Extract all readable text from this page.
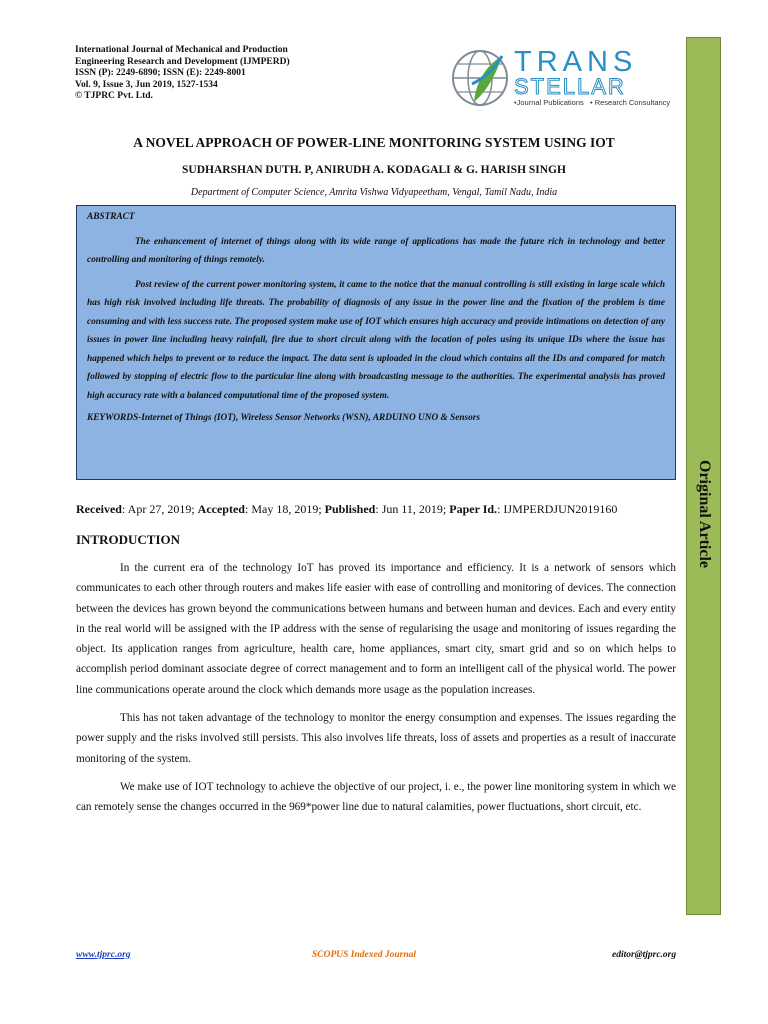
International Journal of Mechanical and Production
Engineering Research and Development (IJMPERD)
ISSN (P): 2249-6890; ISSN (E): 2249-8001
Vol. 9, Issue 3, Jun 2019, 1527-1534
© TJPRC Pvt. Ltd.
TRANS
STELLAR
•Journal Publications   • Research Consultancy
Original Article
A NOVEL APPROACH OF POWER-LINE MONITORING SYSTEM USING IOT
SUDHARSHAN DUTH. P, ANIRUDH A. KODAGALI & G. HARISH SINGH
Department of Computer Science, Amrita Vishwa Vidyapeetham, Vengal, Tamil Nadu, India
ABSTRACT

The enhancement of internet of things along with its wide range of applications has made the future rich in technology and better controlling and monitoring of things remotely.

Post review of the current power monitoring system, it came to the notice that the manual controlling is still existing in large scale which has high risk involved including life threats. The probability of diagnosis of any issue in the power line and the fixation of the problem is time consuming and with less success rate. The proposed system make use of IOT which ensures high accuracy and provide intimations on detection of any issues in power line including heavy rainfall, fire due to short circuit along with the location of poles using its unique IDs where the issue has happened which helps to prevent or to reduce the impact. The data sent is uploaded in the cloud which contains all the IDs and compared for match followed by stopping of electric flow to the particular line along with broadcasting message to the authorities. The experimental analysis has proved high accuracy rate with a balanced computational time of the proposed system.

KEYWORDS-Internet of Things (IOT), Wireless Sensor Networks (WSN), ARDUINO UNO & Sensors

Received: Apr 27, 2019; Accepted: May 18, 2019; Published: Jun 11, 2019; Paper Id.: IJMPERDJUN2019160
INTRODUCTION

In the current era of the technology IoT has proved its importance and efficiency. It is a network of sensors which communicates to each other through routers and makes life easier with ease of controlling and monitoring of devices. The connection between the devices has grown beyond the communications between humans and between human and devices. Each and every entity in the real world will be assigned with the IP address with the sense of regularising the usage and monitoring of issues regarding the object. Its application ranges from agriculture, health care, home appliances, smart city, smart grid and so on which helps to accomplish period dominant associate degree of correct management and to form an intelligent call of the physical world. The power line communications operate around the clock which demands more usage as the population increases.

This has not taken advantage of the technology to monitor the energy consumption and expenses. The issues regarding the power supply and the risks involved still persists. This also involves life threats, loss of assets and properties as a result of inaccurate monitoring of the system.

We make use of IOT technology to achieve the objective of our project, i. e., the power line monitoring system in which we can remotely sense the changes occurred in the 969*power line due to natural calamities, power fluctuations, short circuit, etc.

www.tjprc.org	SCOPUS Indexed Journal	editor@tjprc.org
